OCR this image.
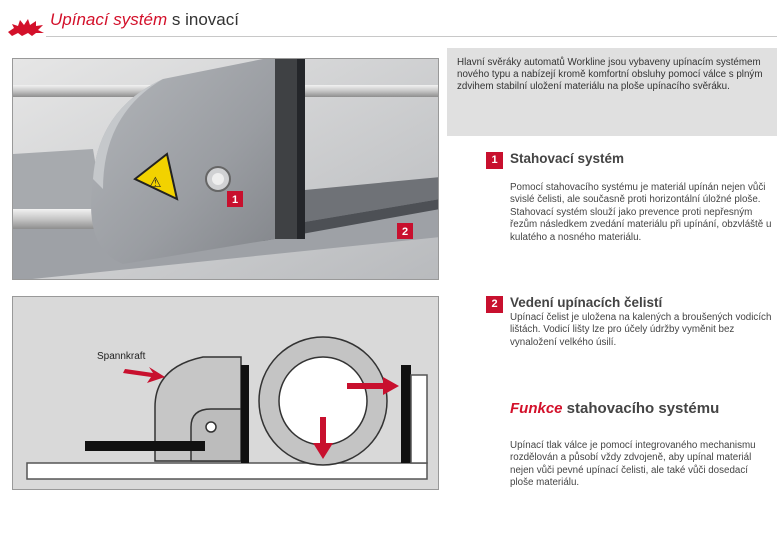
Upínací systém s inovací
⚠
1
2

Hlavní svěráky automatů Workline jsou vybaveny upínacím systémem nového typu a nabízejí kromě komfortní obsluhy pomocí válce s plným zdvihem stabilní uložení materiálu na ploše upínacího svěráku.

1 Stahovací systém

Pomocí stahovacího systému je materiál upínán nejen vůči svislé čelisti, ale současně proti horizontální úložné ploše. Stahovací systém slouží jako prevence proti nepřesným řezům následkem zvedání materiálu při upínání, obzvláště u kulatého a nosného materiálu.

2 Vedení upínacích čelistí

Upínací čelist je uložena na kalených a broušených vodicích lištách. Vodicí lišty lze pro účely údržby vyměnit bez vynaložení velkého úsilí.

Funkce stahovacího systému

Upínací tlak válce je pomocí integrovaného mechanismu rozdělován a působí vždy zdvojeně, aby upínal materiál nejen vůči pevné upínací čelisti, ale také vůči dosedací ploše materiálu.

Spannkraft
